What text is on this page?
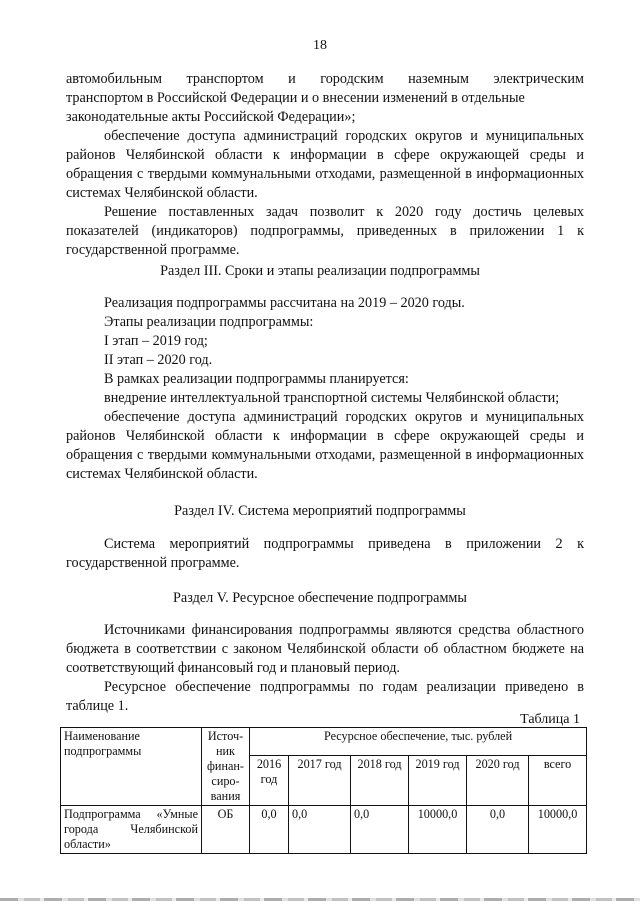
18

автомобильным транспортом и городским наземным электрическим

транспортом в Российской Федерации и о внесении изменений в отдельные

законодательные акты Российской Федерации»;

обеспечение доступа администраций городских округов и муниципальных районов Челябинской области к информации в сфере окружающей среды и обращения с твердыми коммунальными отходами, размещенной в информационных системах Челябинской области.

Решение поставленных задач позволит к 2020 году достичь целевых показателей (индикаторов) подпрограммы, приведенных в приложении 1 к государственной программе.

Раздел III. Сроки и этапы реализации подпрограммы

Реализация подпрограммы рассчитана на 2019 – 2020 годы.

Этапы реализации подпрограммы:

I этап – 2019 год;

II этап – 2020 год.

В рамках реализации подпрограммы планируется:

внедрение интеллектуальной транспортной системы Челябинской области;

обеспечение доступа администраций городских округов и муниципальных районов Челябинской области к информации в сфере окружающей среды и обращения с твердыми коммунальными отходами, размещенной в информационных системах Челябинской области.

Раздел IV. Система мероприятий подпрограммы

Система мероприятий подпрограммы приведена в приложении 2 к государственной программе.

Раздел V. Ресурсное обеспечение подпрограммы

Источниками финансирования подпрограммы являются средства областного бюджета в соответствии с законом Челябинской области об областном бюджете на соответствующий финансовый год и плановый период.

Ресурсное обеспечение подпрограммы по годам реализации приведено в таблице 1.

Таблица 1
Наименование подпрограммы	Источ-ник финан-сиро-вания	Ресурсное обеспечение, тыс. рублей					
		2016 год	2017 год	2018 год	2019 год	2020 год	всего
Подпрограмма «Умные города Челябинской области»	ОБ	0,0	0,0	0,0	10000,0	0,0	10000,0
